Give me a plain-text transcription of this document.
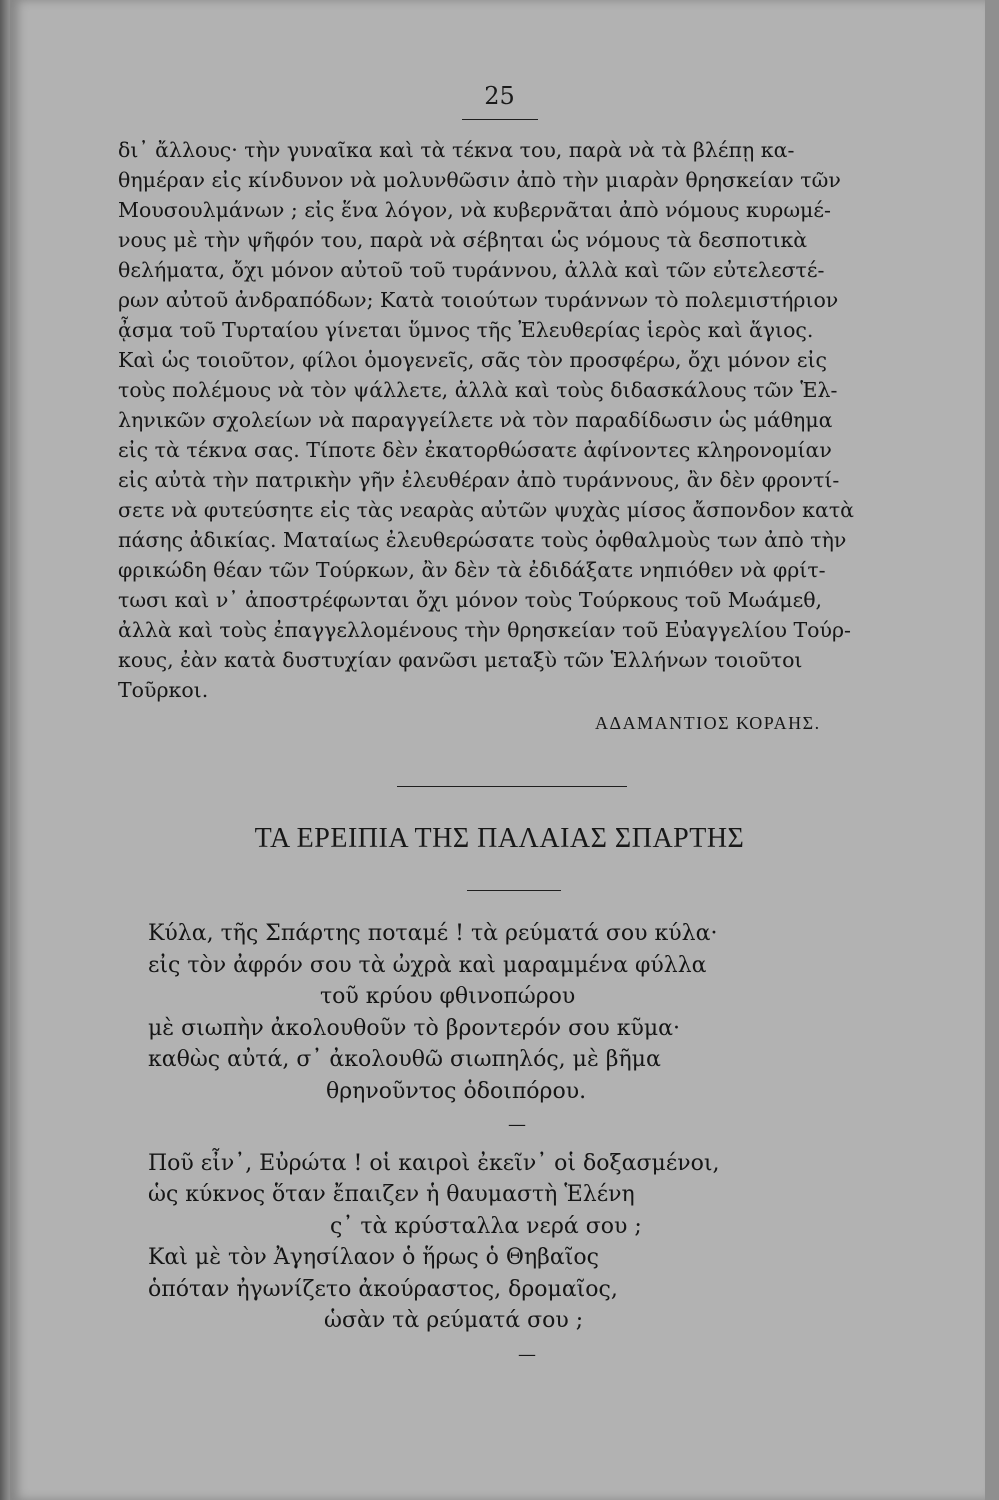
25
δι᾿ ἄλλους· τὴν γυναῖκα καὶ τὰ τέκνα του, παρὰ νὰ τὰ βλέπῃ κα-
θημέραν εἰς κίνδυνον νὰ μολυνθῶσιν ἀπὸ τὴν μιαρὰν θρησκείαν τῶν
Μουσουλμάνων ; εἰς ἕνα λόγον, νὰ κυβερνᾶται ἀπὸ νόμους κυρωμέ-
νους μὲ τὴν ψῆφόν του, παρὰ νὰ σέβηται ὡς νόμους τὰ δεσποτικὰ
θελήματα, ὄχι μόνον αὐτοῦ τοῦ τυράννου, ἀλλὰ καὶ τῶν εὐτελεστέ-
ρων αὐτοῦ ἀνδραπόδων; Κατὰ τοιούτων τυράννων τὸ πολεμιστήριον
ᾆσμα τοῦ Τυρταίου γίνεται ὕμνος τῆς Ἐλευθερίας ἱερὸς καὶ ἅγιος.
Καὶ ὡς τοιοῦτον, φίλοι ὁμογενεῖς, σᾶς τὸν προσφέρω, ὄχι μόνον εἰς
τοὺς πολέμους νὰ τὸν ψάλλετε, ἀλλὰ καὶ τοὺς διδασκάλους τῶν Ἑλ-
ληνικῶν σχολείων νὰ παραγγείλετε νὰ τὸν παραδίδωσιν ὡς μάθημα
εἰς τὰ τέκνα σας. Τίποτε δὲν ἐκατορθώσατε ἀφίνοντες κληρονομίαν
εἰς αὐτὰ τὴν πατρικὴν γῆν ἐλευθέραν ἀπὸ τυράννους, ἂν δὲν φροντί-
σετε νὰ φυτεύσητε εἰς τὰς νεαρὰς αὐτῶν ψυχὰς μίσος ἄσπονδον κατὰ
πάσης ἀδικίας. Ματαίως ἐλευθερώσατε τοὺς ὀφθαλμοὺς των ἀπὸ τὴν
φρικώδη θέαν τῶν Τούρκων, ἂν δὲν τὰ ἐδιδάξατε νηπιόθεν νὰ φρίτ-
τωσι καὶ ν᾿ ἀποστρέφωνται ὄχι μόνον τοὺς Τούρκους τοῦ Μωάμεθ,
ἀλλὰ καὶ τοὺς ἐπαγγελλομένους τὴν θρησκείαν τοῦ Εὐαγγελίου Τούρ-
κους, ἐὰν κατὰ δυστυχίαν φανῶσι μεταξὺ τῶν Ἑλλήνων τοιοῦτοι
Τοῦρκοι.
ΑΔΑΜΑΝΤΙΟΣ ΚΟΡΑΗΣ.
ΤΑ ΕΡΕΙΠΙΑ ΤΗΣ ΠΑΛΑΙΑΣ ΣΠΑΡΤΗΣ
Κύλα, τῆς Σπάρτης ποταμέ ! τὰ ρεύματά σου κύλα·
εἰς τὸν ἀφρόν σου τὰ ὠχρὰ καὶ μαραμμένα φύλλα
τοῦ κρύου φθινοπώρου
μὲ σιωπὴν ἀκολουθοῦν τὸ βροντερόν σου κῦμα·
καθὼς αὐτά, σ᾿ ἀκολουθῶ σιωπηλός, μὲ βῆμα
θρηνοῦντος ὁδοιπόρου.
—
Ποῦ εἶν᾿, Εὐρώτα ! οἱ καιροὶ ἐκεῖν᾿ οἱ δοξασμένοι,
ὡς κύκνος ὅταν ἔπαιζεν ἡ θαυμαστὴ Ἑλένη
ς᾿ τὰ κρύσταλλα νερά σου ;
Καὶ μὲ τὸν Ἀγησίλαον ὁ ἥρως ὁ Θηβαῖος
ὁπόταν ἠγωνίζετο ἀκούραστος, δρομαῖος,
ὡσὰν τὰ ρεύματά σου ;
—
